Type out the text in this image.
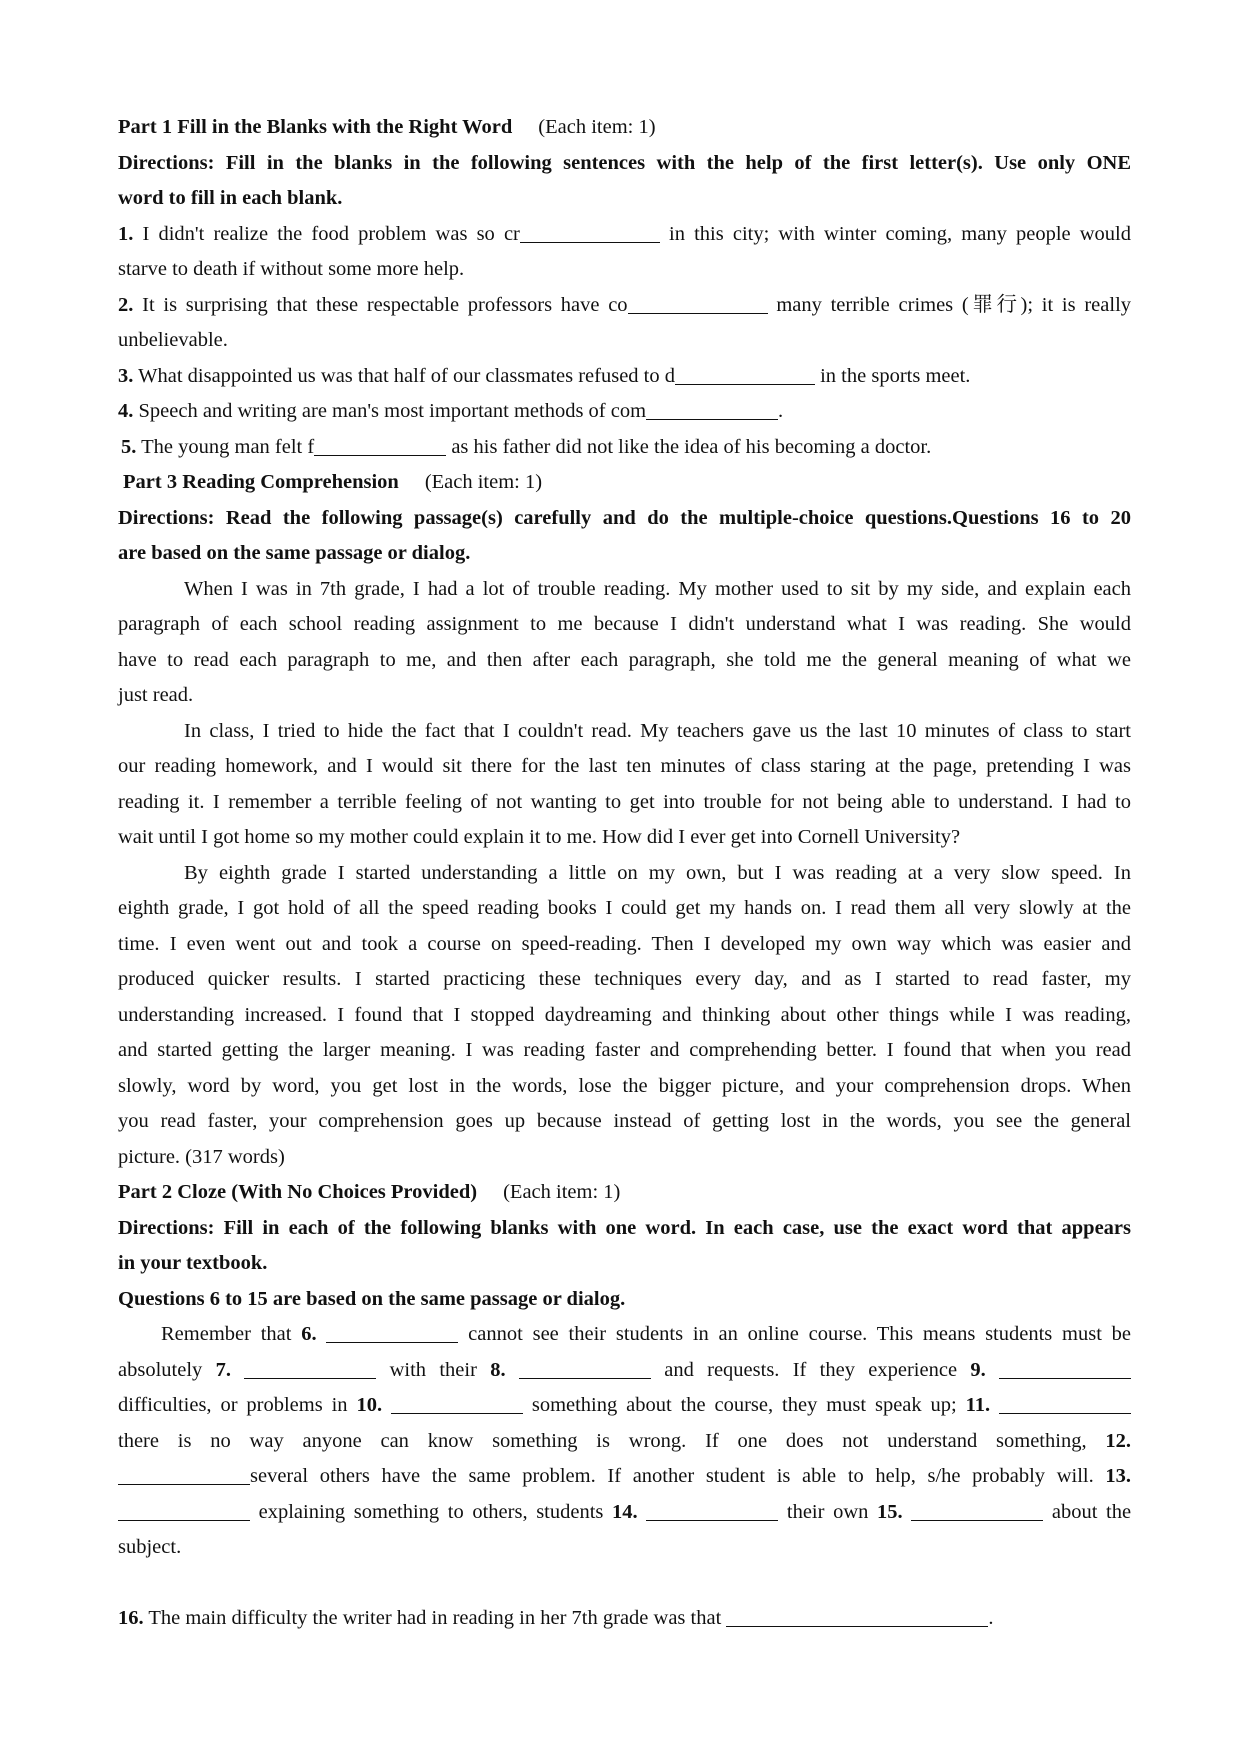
Part 1 Fill in the Blanks with the Right Word (Each item: 1)
Directions: Fill in the blanks in the following sentences with the help of the first letter(s). Use only ONE
word to fill in each blank.
1. I didn't realize the food problem was so cr	in this city; with winter coming, many people would
starve to death if without some more help.
2. It is surprising that these respectable professors have co	many terrible crimes (罪行); it is really
unbelievable.
3. What disappointed us was that half of our classmates refused to d	in the sports meet.
4. Speech and writing are man's most important methods of com	.
5. The young man felt f	as his father did not like the idea of his becoming a doctor.
Part 3 Reading Comprehension (Each item: 1)
Directions: Read the following passage(s) carefully and do the multiple-choice questions.Questions 16 to 20
are based on the same passage or dialog.
When I was in 7th grade, I had a lot of trouble reading. My mother used to sit by my side, and explain each
paragraph of each school reading assignment to me because I didn't understand what I was reading. She would
have to read each paragraph to me, and then after each paragraph, she told me the general meaning of what we
just read.
In class, I tried to hide the fact that I couldn't read. My teachers gave us the last 10 minutes of class to start
our reading homework, and I would sit there for the last ten minutes of class staring at the page, pretending I was
reading it. I remember a terrible feeling of not wanting to get into trouble for not being able to understand. I had to
wait until I got home so my mother could explain it to me. How did I ever get into Cornell University?
By eighth grade I started understanding a little on my own, but I was reading at a very slow speed. In
eighth grade, I got hold of all the speed reading books I could get my hands on. I read them all very slowly at the
time. I even went out and took a course on speed-reading. Then I developed my own way which was easier and
produced quicker results. I started practicing these techniques every day, and as I started to read faster, my
understanding increased. I found that I stopped daydreaming and thinking about other things while I was reading,
and started getting the larger meaning. I was reading faster and comprehending better. I found that when you read
slowly, word by word, you get lost in the words, lose the bigger picture, and your comprehension drops. When
you read faster, your comprehension goes up because instead of getting lost in the words, you see the general
picture. (317 words)
Part 2 Cloze (With No Choices Provided) (Each item: 1)
Directions: Fill in each of the following blanks with one word. In each case, use the exact word that appears
in your textbook.
Questions 6 to 15 are based on the same passage or dialog.
Remember that 6.	cannot see their students in an online course. This means students must be
absolutely 7.	with their 8.	and requests. If they experience 9.
difficulties, or problems in 10.	something about the course, they must speak up; 11.
there is no way anyone can know something is wrong. If one does not understand something, 12.
several others have the same problem. If another student is able to help, s/he probably will. 13.
explaining something to others, students 14.	their own 15.	about the
subject.
16. The main difficulty the writer had in reading in her 7th grade was that	.
